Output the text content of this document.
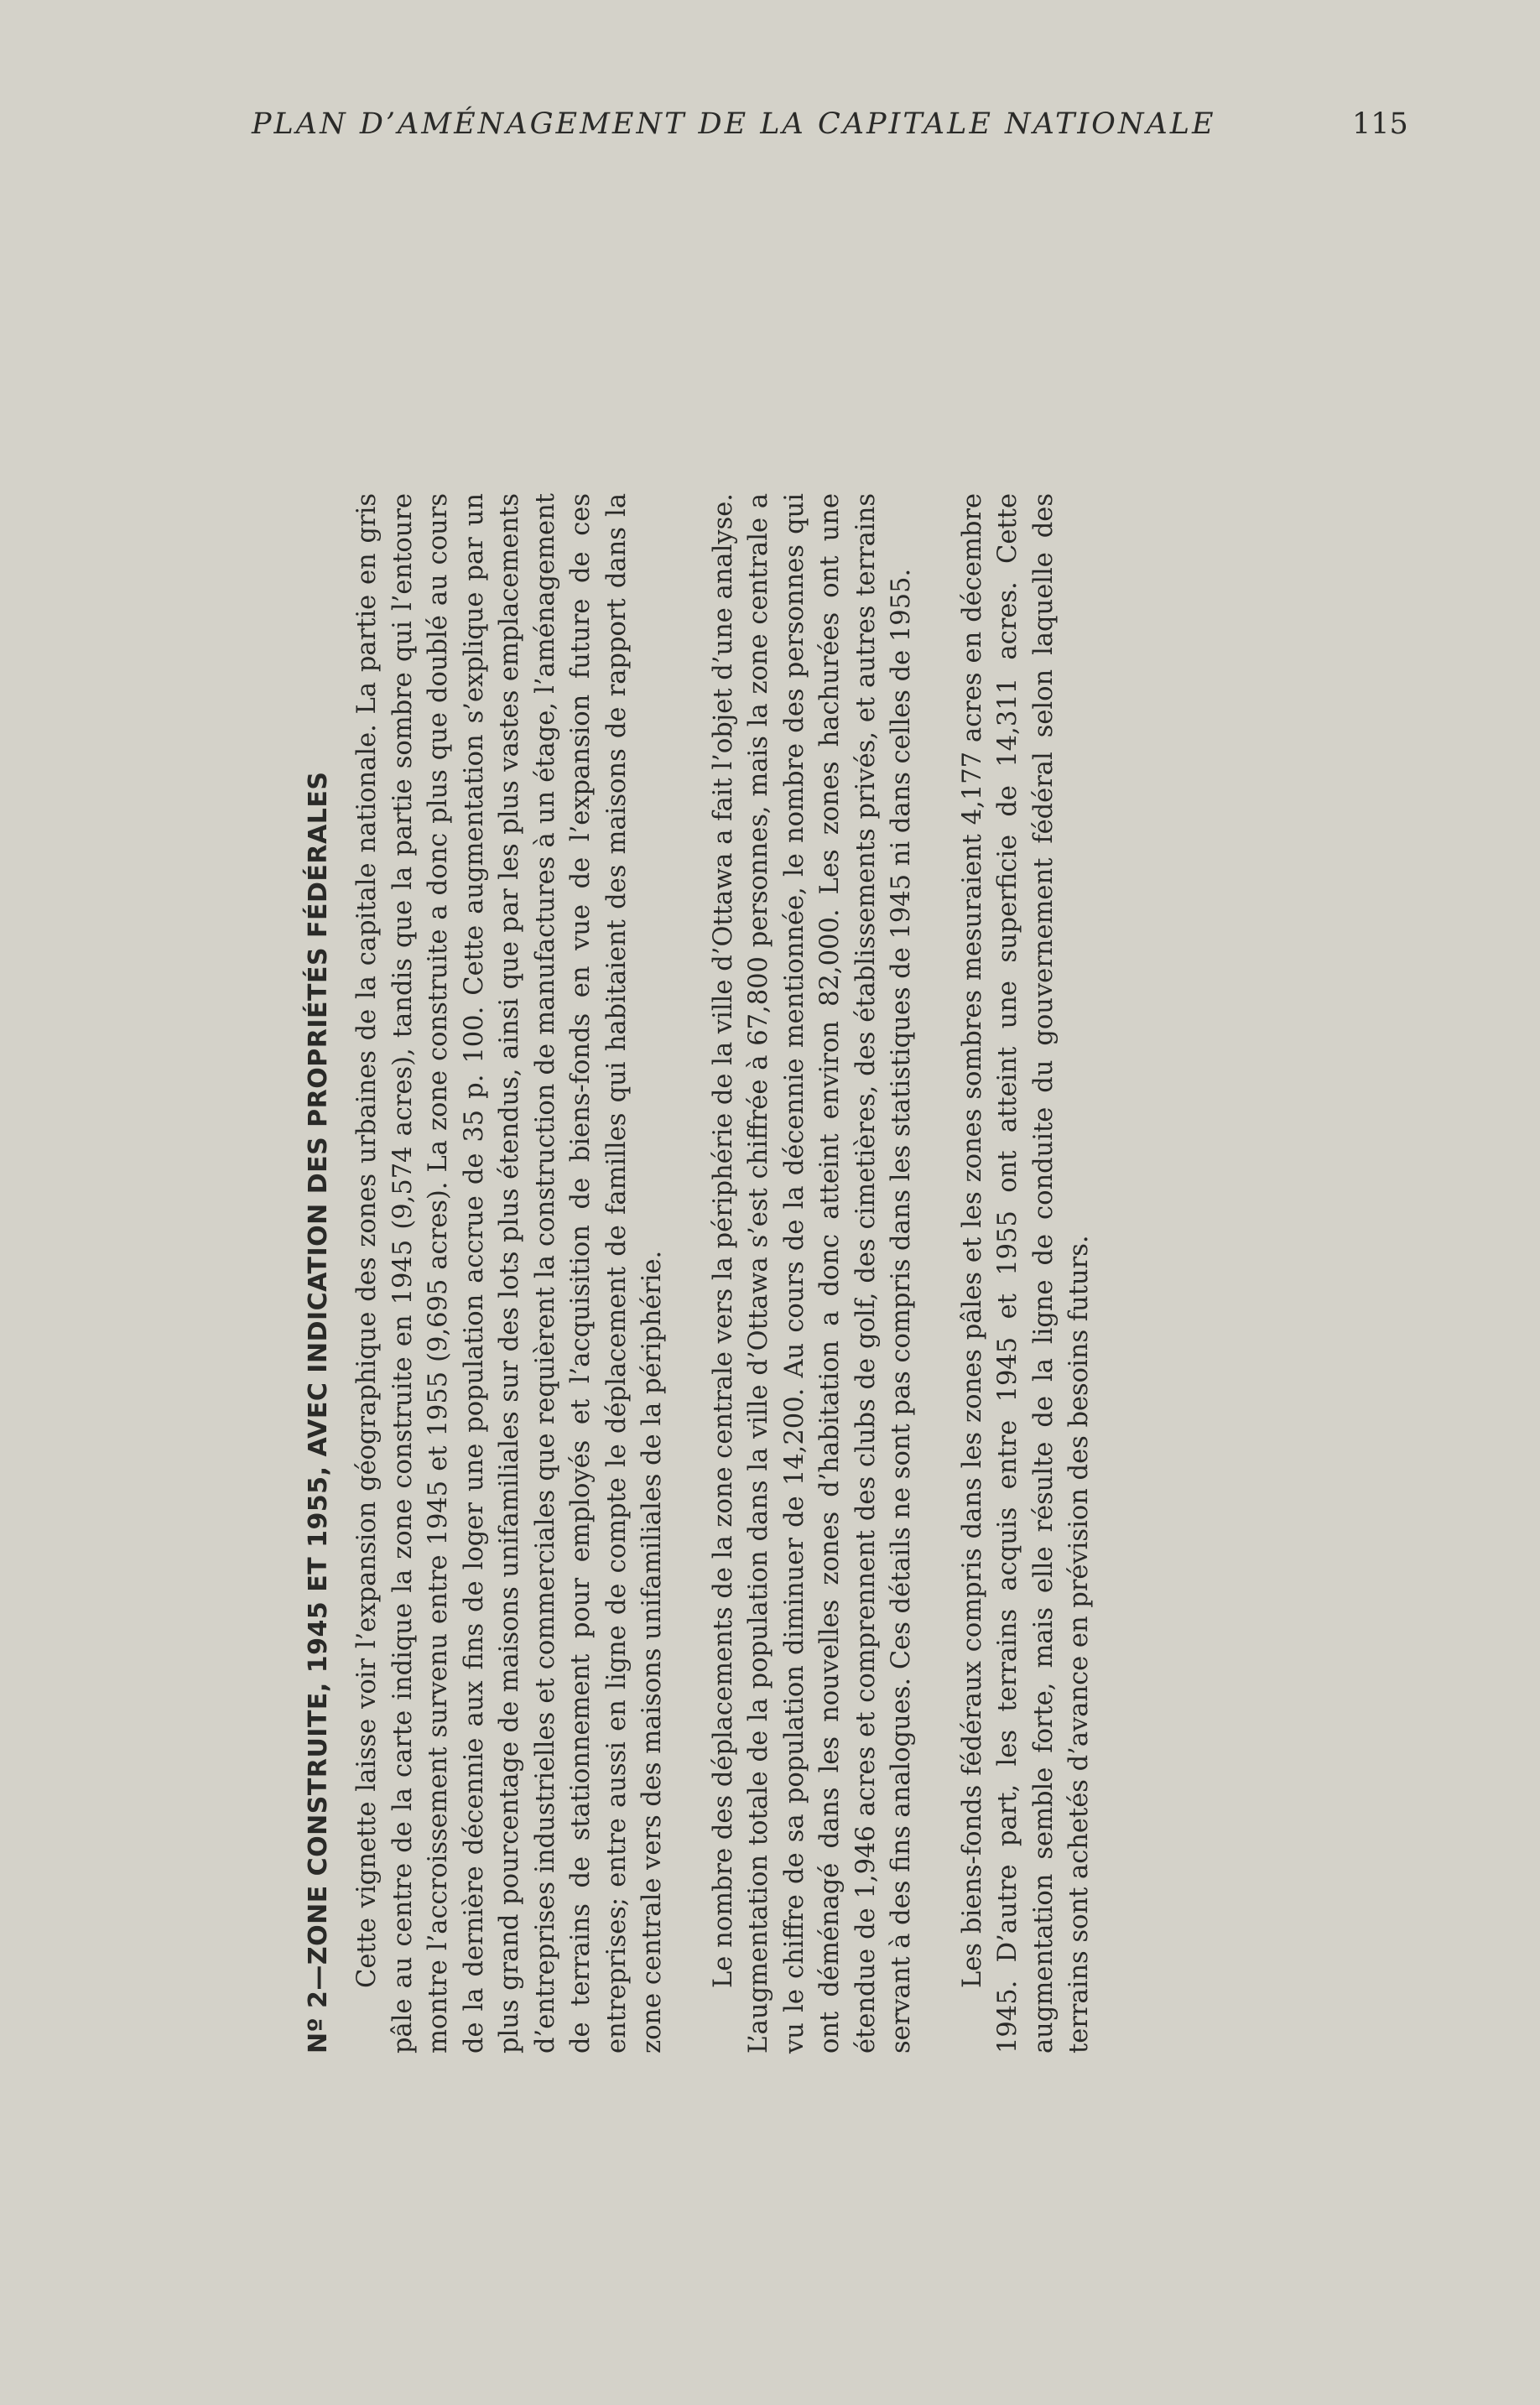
PLAN D’AMÉNAGEMENT DE LA CAPITALE NATIONALE	115
Nº 2—ZONE CONSTRUITE, 1945 ET 1955, AVEC INDICATION DES PROPRIÉTÉS FÉDÉRALES Cette vignette laisse voir l’expansion géographique des zones urbaines de la capitale nationale. La partie en gris pâle au centre de la carte indique la zone construite en 1945 (9,574 acres), tandis que la partie sombre qui l’entoure montre l’accroissement survenu entre 1945 et 1955 (9,695 acres). La zone construite a donc plus que doublé au cours de la dernière décennie aux fins de loger une population accrue de 35 p. 100. Cette augmentation s’explique par un plus grand pourcentage de maisons unifamiliales sur des lots plus étendus, ainsi que par les plus vastes emplacements d’entreprises industrielles et commerciales que requièrent la construction de manufactures à un étage, l’aménagement de terrains de stationnement pour employés et l’acquisition de biens-fonds en vue de l’expansion future de ces entreprises; entre aussi en ligne de compte le déplacement de familles qui habitaient des maisons de rapport dans la zone centrale vers des maisons unifamiliales de la périphérie. Le nombre des déplacements de la zone centrale vers la périphérie de la ville d’Ottawa a fait l’objet d’une analyse. L’augmentation totale de la population dans la ville d’Ottawa s’est chiffrée à 67,800 personnes, mais la zone centrale a vu le chiffre de sa population diminuer de 14,200. Au cours de la décennie mentionnée, le nombre des personnes qui ont déménagé dans les nouvelles zones d’habitation a donc atteint environ 82,000. Les zones hachurées ont une étendue de 1,946 acres et comprennent des clubs de golf, des cimetières, des établissements privés, et autres terrains servant à des fins analogues. Ces détails ne sont pas compris dans les statistiques de 1945 ni dans celles de 1955. Les biens-fonds fédéraux compris dans les zones pâles et les zones sombres mesuraient 4,177 acres en décembre 1945. D’autre part, les terrains acquis entre 1945 et 1955 ont atteint une superficie de 14,311 acres. Cette augmentation semble forte, mais elle résulte de la ligne de conduite du gouvernement fédéral selon laquelle des terrains sont achetés d’avance en prévision des besoins futurs.
